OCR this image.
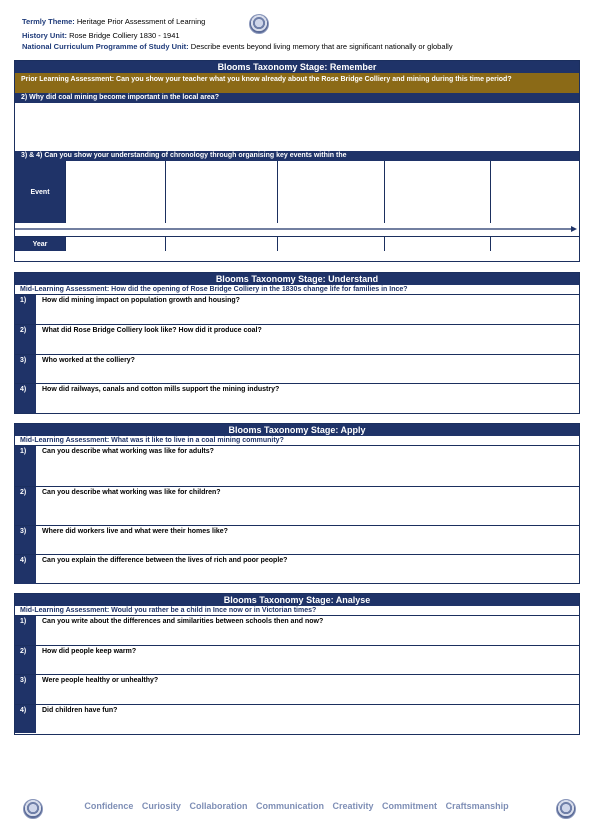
Termly Theme: Heritage Prior Assessment of Learning
History Unit: Rose Bridge Colliery 1830 - 1941
National Curriculum Programme of Study Unit: Describe events beyond living memory that are significant nationally or globally
Blooms Taxonomy Stage: Remember
Prior Learning Assessment: Can you show your teacher what you know already about the Rose Bridge Colliery and mining during this time period?
2) Why did coal mining become important in the local area?
3) & 4) Can you show your understanding of chronology through organising key events within the
Event
Year
Blooms Taxonomy Stage: Understand
Mid-Learning Assessment: How did the opening of Rose Bridge Colliery in the 1830s change life for families in Ince?
1)	How did mining impact on population growth and housing?
2)	What did Rose Bridge Colliery look like? How did it produce coal?
3)	Who worked at the colliery?
4)	How did railways, canals and cotton mills support the mining industry?
Blooms Taxonomy Stage: Apply
Mid-Learning Assessment: What was it like to live in a coal mining community?
1)	Can you describe what working was like for adults?
2)	Can you describe what working was like for children?
3)	Where did workers live and what were their homes like?
4)	Can you explain the difference between the lives of rich and poor people?
Blooms Taxonomy Stage: Analyse
Mid-Learning Assessment: Would you rather be a child in Ince now or in Victorian times?
1)	Can you write about the differences and similarities between schools then and now?
2)	How did people keep warm?
3)	Were people healthy or unhealthy?
4)	Did children have fun?
Confidence Curiosity Collaboration Communication Creativity Commitment Craftsmanship
